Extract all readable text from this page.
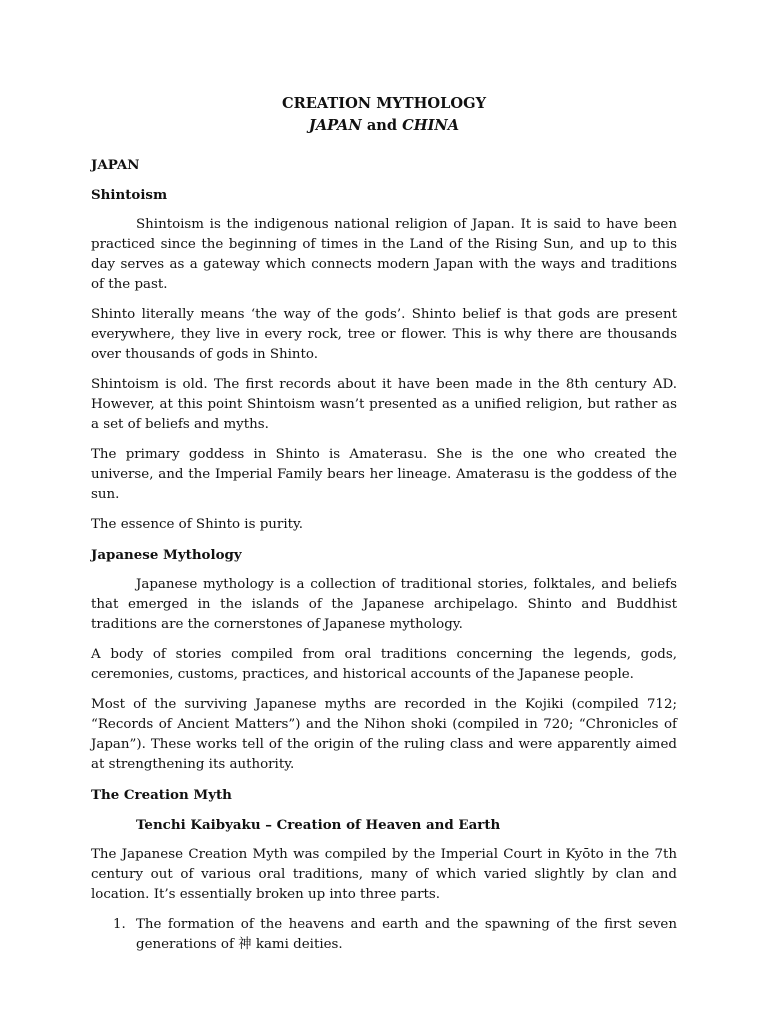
CREATION MYTHOLOGY
JAPAN and CHINA
JAPAN
Shintoism

Shintoism is the indigenous national religion of Japan. It is said to have been practiced since the beginning of times in the Land of the Rising Sun, and up to this day serves as a gateway which connects modern Japan with the ways and traditions of the past.

Shinto literally means ‘the way of the gods’. Shinto belief is that gods are present everywhere, they live in every rock, tree or flower. This is why there are thousands over thousands of gods in Shinto.

Shintoism is old. The first records about it have been made in the 8th century AD. However, at this point Shintoism wasn’t presented as a unified religion, but rather as a set of beliefs and myths.

The primary goddess in Shinto is Amaterasu. She is the one who created the universe, and the Imperial Family bears her lineage. Amaterasu is the goddess of the sun.

The essence of Shinto is purity.

Japanese Mythology

Japanese mythology is a collection of traditional stories, folktales, and beliefs that emerged in the islands of the Japanese archipelago. Shinto and Buddhist traditions are the cornerstones of Japanese mythology.

A body of stories compiled from oral traditions concerning the legends, gods, ceremonies, customs, practices, and historical accounts of the Japanese people.

Most of the surviving Japanese myths are recorded in the Kojiki (compiled 712; “Records of Ancient Matters”) and the Nihon shoki (compiled in 720; “Chronicles of Japan”). These works tell of the origin of the ruling class and were apparently aimed at strengthening its authority.

The Creation Myth
Tenchi Kaibyaku – Creation of Heaven and Earth

The Japanese Creation Myth was compiled by the Imperial Court in Kyōto in the 7th century out of various oral traditions, many of which varied slightly by clan and location. It’s essentially broken up into three parts.

1. The formation of the heavens and earth and the spawning of the first seven generations of 神 kami deities.
